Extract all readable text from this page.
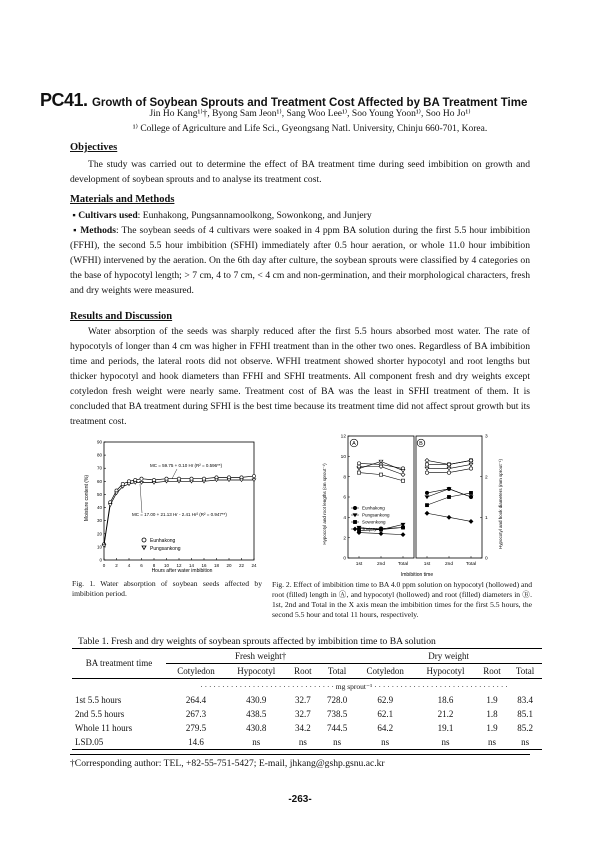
PC41. Growth of Soybean Sprouts and Treatment Cost Affected by BA Treatment Time
Jin Ho Kang¹⁾†, Byong Sam Jeon¹⁾, Sang Woo Lee¹⁾, Soo Young Yoon¹⁾, Soo Ho Jo¹⁾
¹⁾ College of Agriculture and Life Sci., Gyeongsang Natl. University, Chinju 660-701, Korea.
Objectives
The study was carried out to determine the effect of BA treatment time during seed imbibition on growth and development of soybean sprouts and to analyse its treatment cost.
Materials and Methods
▪ Cultivars used: Eunhakong, Pungsannamoolkong, Sowonkong, and Junjery
▪ Methods: The soybean seeds of 4 cultivars were soaked in 4 ppm BA solution during the first 5.5 hour imbibition (FFHI), the second 5.5 hour imbibition (SFHI) immediately after 0.5 hour aeration, or whole 11.0 hour imbibition (WFHI) intervened by the aeration. On the 6th day after culture, the soybean sprouts were classified by 4 categories on the base of hypocotyl length; > 7 cm, 4 to 7 cm, < 4 cm and non-germination, and their morphological characters, fresh and dry weights were measured.
Results and Discussion
Water absorption of the seeds was sharply reduced after the first 5.5 hours absorbed most water. The rate of hypocotyls of longer than 4 cm was higher in FFHI treatment than in the other two ones. Regardless of BA imbibition time and periods, the lateral roots did not observe. WFHI treatment showed shorter hypocotyl and root lengths but thicker hypocotyl and hook diameters than FFHI and SFHI treatments. All component fresh and dry weights except cotyledon fresh weight were nearly same. Treatment cost of BA was the least in SFHI treatment of them. It is concluded that BA treatment during SFHI is the best time because its treatment time did not affect sprout growth but its treatment cost.
0 2 4 6 8 10 12 14 16 18 20 22 24
0
10
20
30
40
50
60
70
80
90
MC = 59.75 + 0.10 Hr (R² = 0.596**)
MC = 17.00 + 21.13 Hr - 2.41 Hr² (R² = 0.947**)
Eunhakong
Pungsankong
Hours after water imbibition
Moisture content (%)
Fig. 1. Water absorption of soybean seeds affected by imbibition period.
1st	2nd	Total	1st	2nd	Total
0
2
4
6
8
10
12
0
1
2
3
Eunhakong
Pungsankong
Sowonkong
Junjery
A	B
Imbibition time
Hypocotyl and root lengths (cm sprout⁻¹)	Hypocotyl and hook diameters (mm sprout⁻¹)
Fig. 2. Effect of imbibition time to BA 4.0 ppm solution on hypocotyl (hollowed) and root (filled) length in Ⓐ, and hypocotyl (hollowed) and root (filled) diameters in Ⓑ. 1st, 2nd and Total in the X axis mean the imbibition times for the first 5.5 hours, the second 5.5 hour and total 11 hours, respectively.
Table 1. Fresh and dry weights of soybean sprouts affected by imbibition time to BA solution
BA treatment time	Fresh weight†				Dry weight			
	Cotyledon	Hypocotyl	Root	Total	Cotyledon	Hypocotyl	Root	Total
	· · · · · · · · · · · · · · · · · · · · · · · · · · · · · · · mg sprout⁻¹ · · · · · · · · · · · · · · · · · · · · · · · · · · · · · · ·							
1st 5.5 hours	264.4	430.9	32.7	728.0	62.9	18.6	1.9	83.4
2nd 5.5 hours	267.3	438.5	32.7	738.5	62.1	21.2	1.8	85.1
Whole 11 hours	279.5	430.8	34.2	744.5	64.2	19.1	1.9	85.2
LSD.05	14.6	ns	ns	ns	ns	ns	ns	ns
†Corresponding author: TEL, +82-55-751-5427; E-mail, jhkang@gshp.gsnu.ac.kr
-263-
